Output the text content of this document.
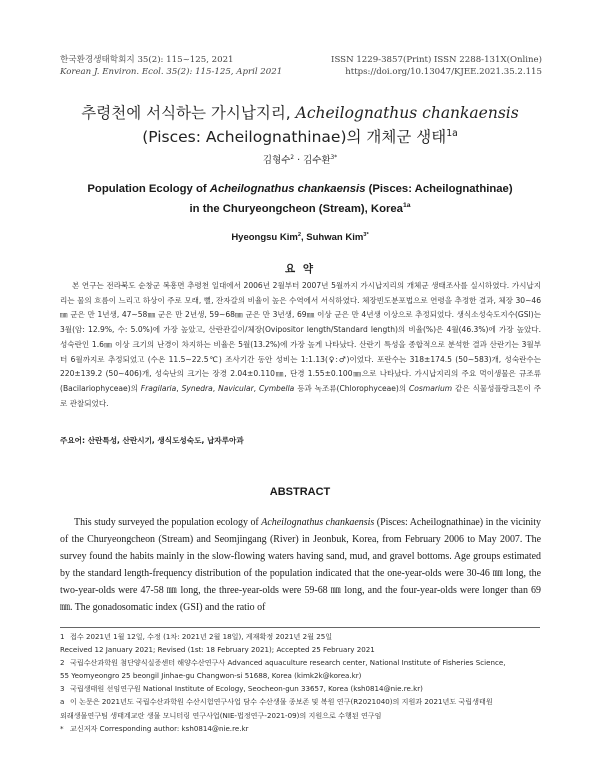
한국환경생태학회지 35(2): 115~125, 2021
Korean J. Environ. Ecol. 35(2): 115-125, April 2021
ISSN 1229-3857(Print) ISSN 2288-131X(Online)
https://doi.org/10.13047/KJEE.2021.35.2.115
추령천에 서식하는 가시납지리, Acheilognathus chankaensis
(Pisces: Acheilognathinae)의 개체군 생태$^{1a}$
김형수$^2$ · 김수환$^{3*}$
Population Ecology of Acheilognathus chankaensis (Pisces: Acheilognathinae)
in the Churyeongcheon (Stream), Korea$^{1a}$
Hyeongsu Kim$^2$, Suhwan Kim$^{3*}$
요 약
본 연구는 전라북도 순창군 복흥면 추령천 일대에서 2006년 2월부터 2007년 5월까지 가시납지리의 개체군 생태조사를 실시하였다. 가시납지리는 물의 흐름이 느리고 하상이 주로 모래, 뻘, 잔자갈의 비율이 높은 수역에서 서식하였다. 체장빈도분포법으로 연령을 추정한 결과, 체장 30~46㎜ 군은 만 1년생, 47~58㎜ 군은 만 2년생, 59~68㎜ 군은 만 3년생, 69㎜ 이상 군은 만 4년생 이상으로 추정되었다. 생식소성숙도지수(GSI)는 3월(암: 12.9%, 수: 5.0%)에 가장 높았고, 산란관길이/체장(Ovipositor length/Standard length)의 비율(%)은 4월(46.3%)에 가장 높았다. 성숙란인 1.6㎜ 이상 크기의 난경이 차지하는 비율은 5월(13.2%)에 가장 높게 나타났다. 산란기 특성을 종합적으로 분석한 결과 산란기는 3월부터 6월까지로 추정되었고 (수온 11.5~22.5℃) 조사기간 동안 성비는 1:1.13(♀:♂)이었다. 포란수는 318±174.5 (50~583)개, 성숙란수는 220±139.2 (50~406)개, 성숙난의 크기는 장경 2.04±0.110㎜, 단경 1.55±0.100㎜으로 나타났다. 가시납지리의 주요 먹이생물은 규조류(Bacilariophyceae)의 Fragilaria, Synedra, Navicular, Cymbella 등과 녹조류(Chlorophyceae)의 Cosmarium 같은 식물성플랑크톤이 주로 관찰되었다.
주요어: 산란특성, 산란시기, 생식도성숙도, 납자루아과
ABSTRACT
This study surveyed the population ecology of Acheilognathus chankaensis (Pisces: Acheilognathinae) in the vicinity of the Churyeongcheon (Stream) and Seomjingang (River) in Jeonbuk, Korea, from February 2006 to May 2007. The survey found the habits mainly in the slow-flowing waters having sand, mud, and gravel bottoms. Age groups estimated by the standard length-frequency distribution of the population indicated that the one-year-olds were 30-46 ㎜ long, the two-year-olds were 47-58 ㎜ long, the three-year-olds were 59-68 ㎜ long, and the four-year-olds were longer than 69 ㎜. The gonadosomatic index (GSI) and the ratio of
1 접수 2021년 1월 12일, 수정 (1차: 2021년 2월 18일), 게재확정 2021년 2월 25일
Received 12 January 2021; Revised (1st: 18 February 2021); Accepted 25 February 2021
2 국립수산과학원 첨단양식실증센터 해양수산연구사 Advanced aquaculture research center, National Institute of Fisheries Science,
55 Yeomyeongro 25 beongil Jinhae-gu Changwon-si 51688, Korea (kimk2k@korea.kr)
3 국립생태원 선임연구원 National Institute of Ecology, Seocheon-gun 33657, Korea (ksh0814@nie.re.kr)
a 이 논문은 2021년도 국립수산과학원 수산시험연구사업 담수 수산생물 종보존 및 복원 연구(R2021040)의 지원과 2021년도 국립생태원
외래생물연구팀 생태계교란 생물 모니터링 연구사업(NIE-법정연구-2021-09)의 지원으로 수행된 연구임
* 교신저자 Corresponding author: ksh0814@nie.re.kr
